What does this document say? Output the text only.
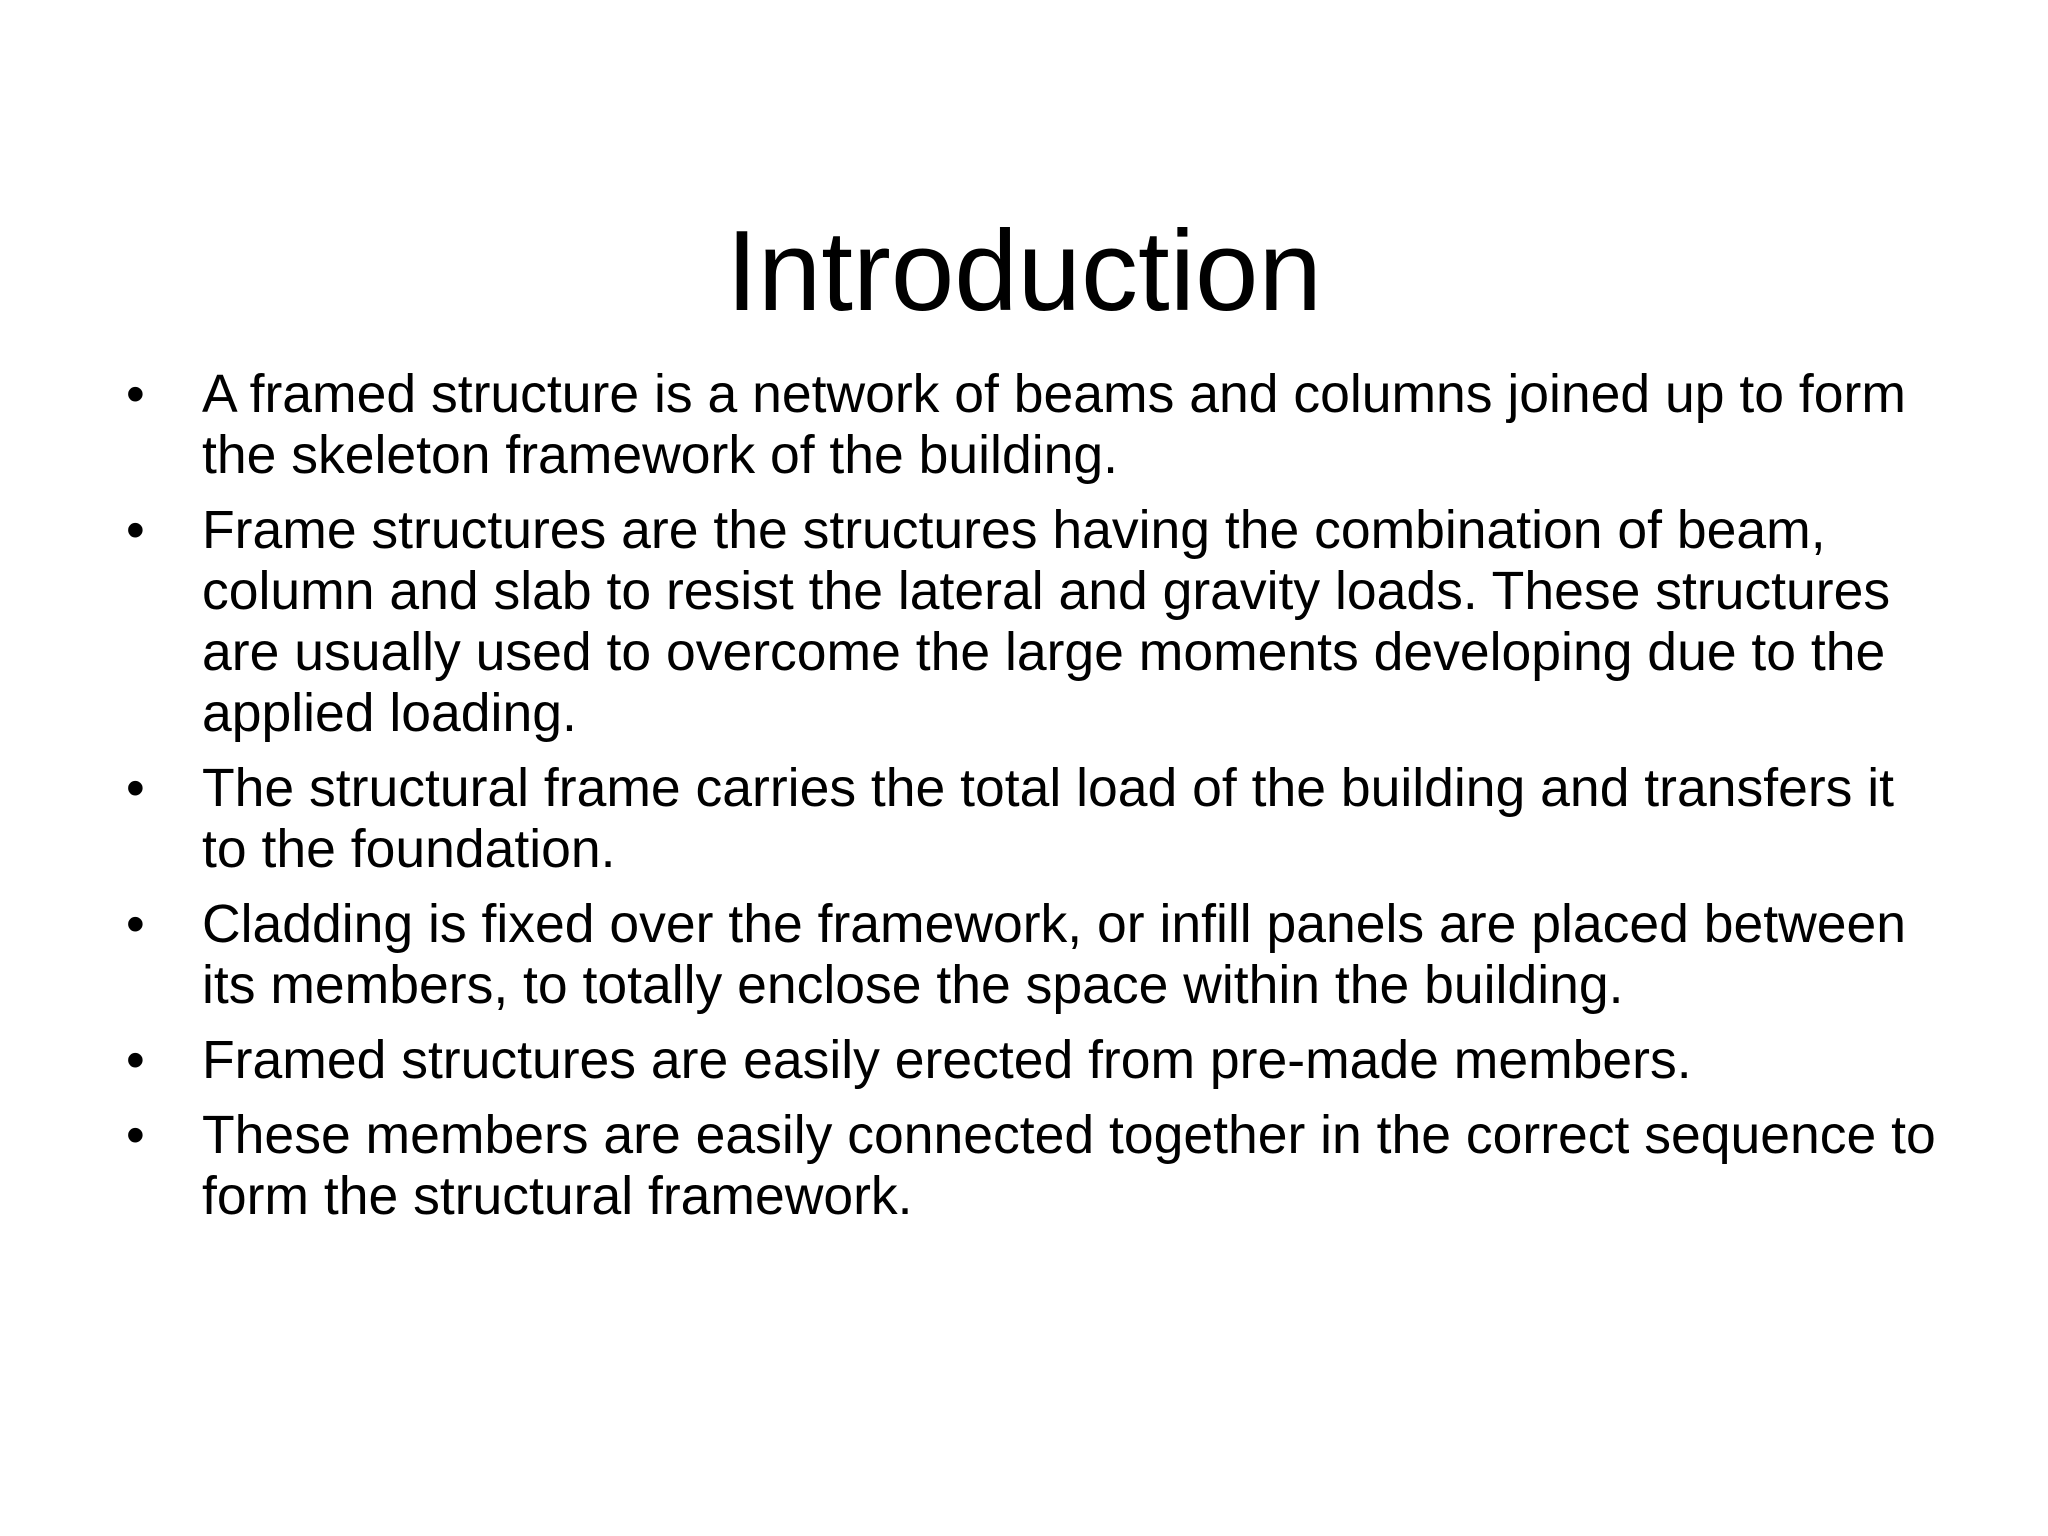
Introduction
•	A framed structure is a network of beams and columns joined up to form the skeleton framework of the building.
•	Frame structures are the structures having the combination of beam, column and slab to resist the lateral and gravity loads. These structures are usually used to overcome the large moments developing due to the applied loading.
•	The structural frame carries the total load of the building and transfers it to the foundation.
•	Cladding is fixed over the framework, or infill panels are placed between its members, to totally enclose the space within the building.
•	Framed structures are easily erected from pre-made members.
•	These members are easily connected together in the correct sequence to form the structural framework.
